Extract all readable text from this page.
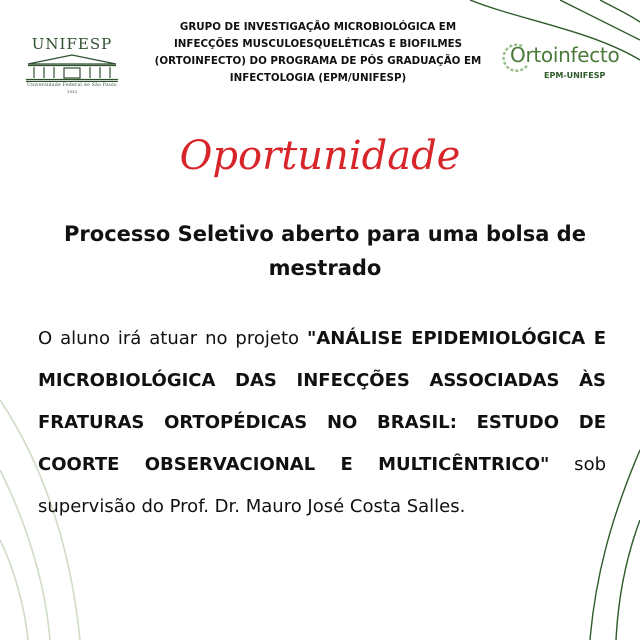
UNIFESP
Universidade Federal de São Paulo
1933
GRUPO DE INVESTIGAÇÃO MICROBIOLÓGICA EM
INFECÇÕES MUSCULOESQUELÉTICAS E BIOFILMES
(ORTOINFECTO) DO PROGRAMA DE PÓS GRADUAÇÃO EM
INFECTOLOGIA (EPM/UNIFESP)
Ortoinfecto
EPM-UNIFESP
Oportunidade

Processo Seletivo aberto para uma bolsa de mestrado

O aluno irá atuar no projeto "ANÁLISE EPIDEMIOLÓGICA E MICROBIOLÓGICA DAS INFECÇÕES ASSOCIADAS ÀS FRATURAS ORTOPÉDICAS NO BRASIL: ESTUDO DE COORTE OBSERVACIONAL E MULTICÊNTRICO" sob supervisão do Prof. Dr. Mauro José Costa Salles.
